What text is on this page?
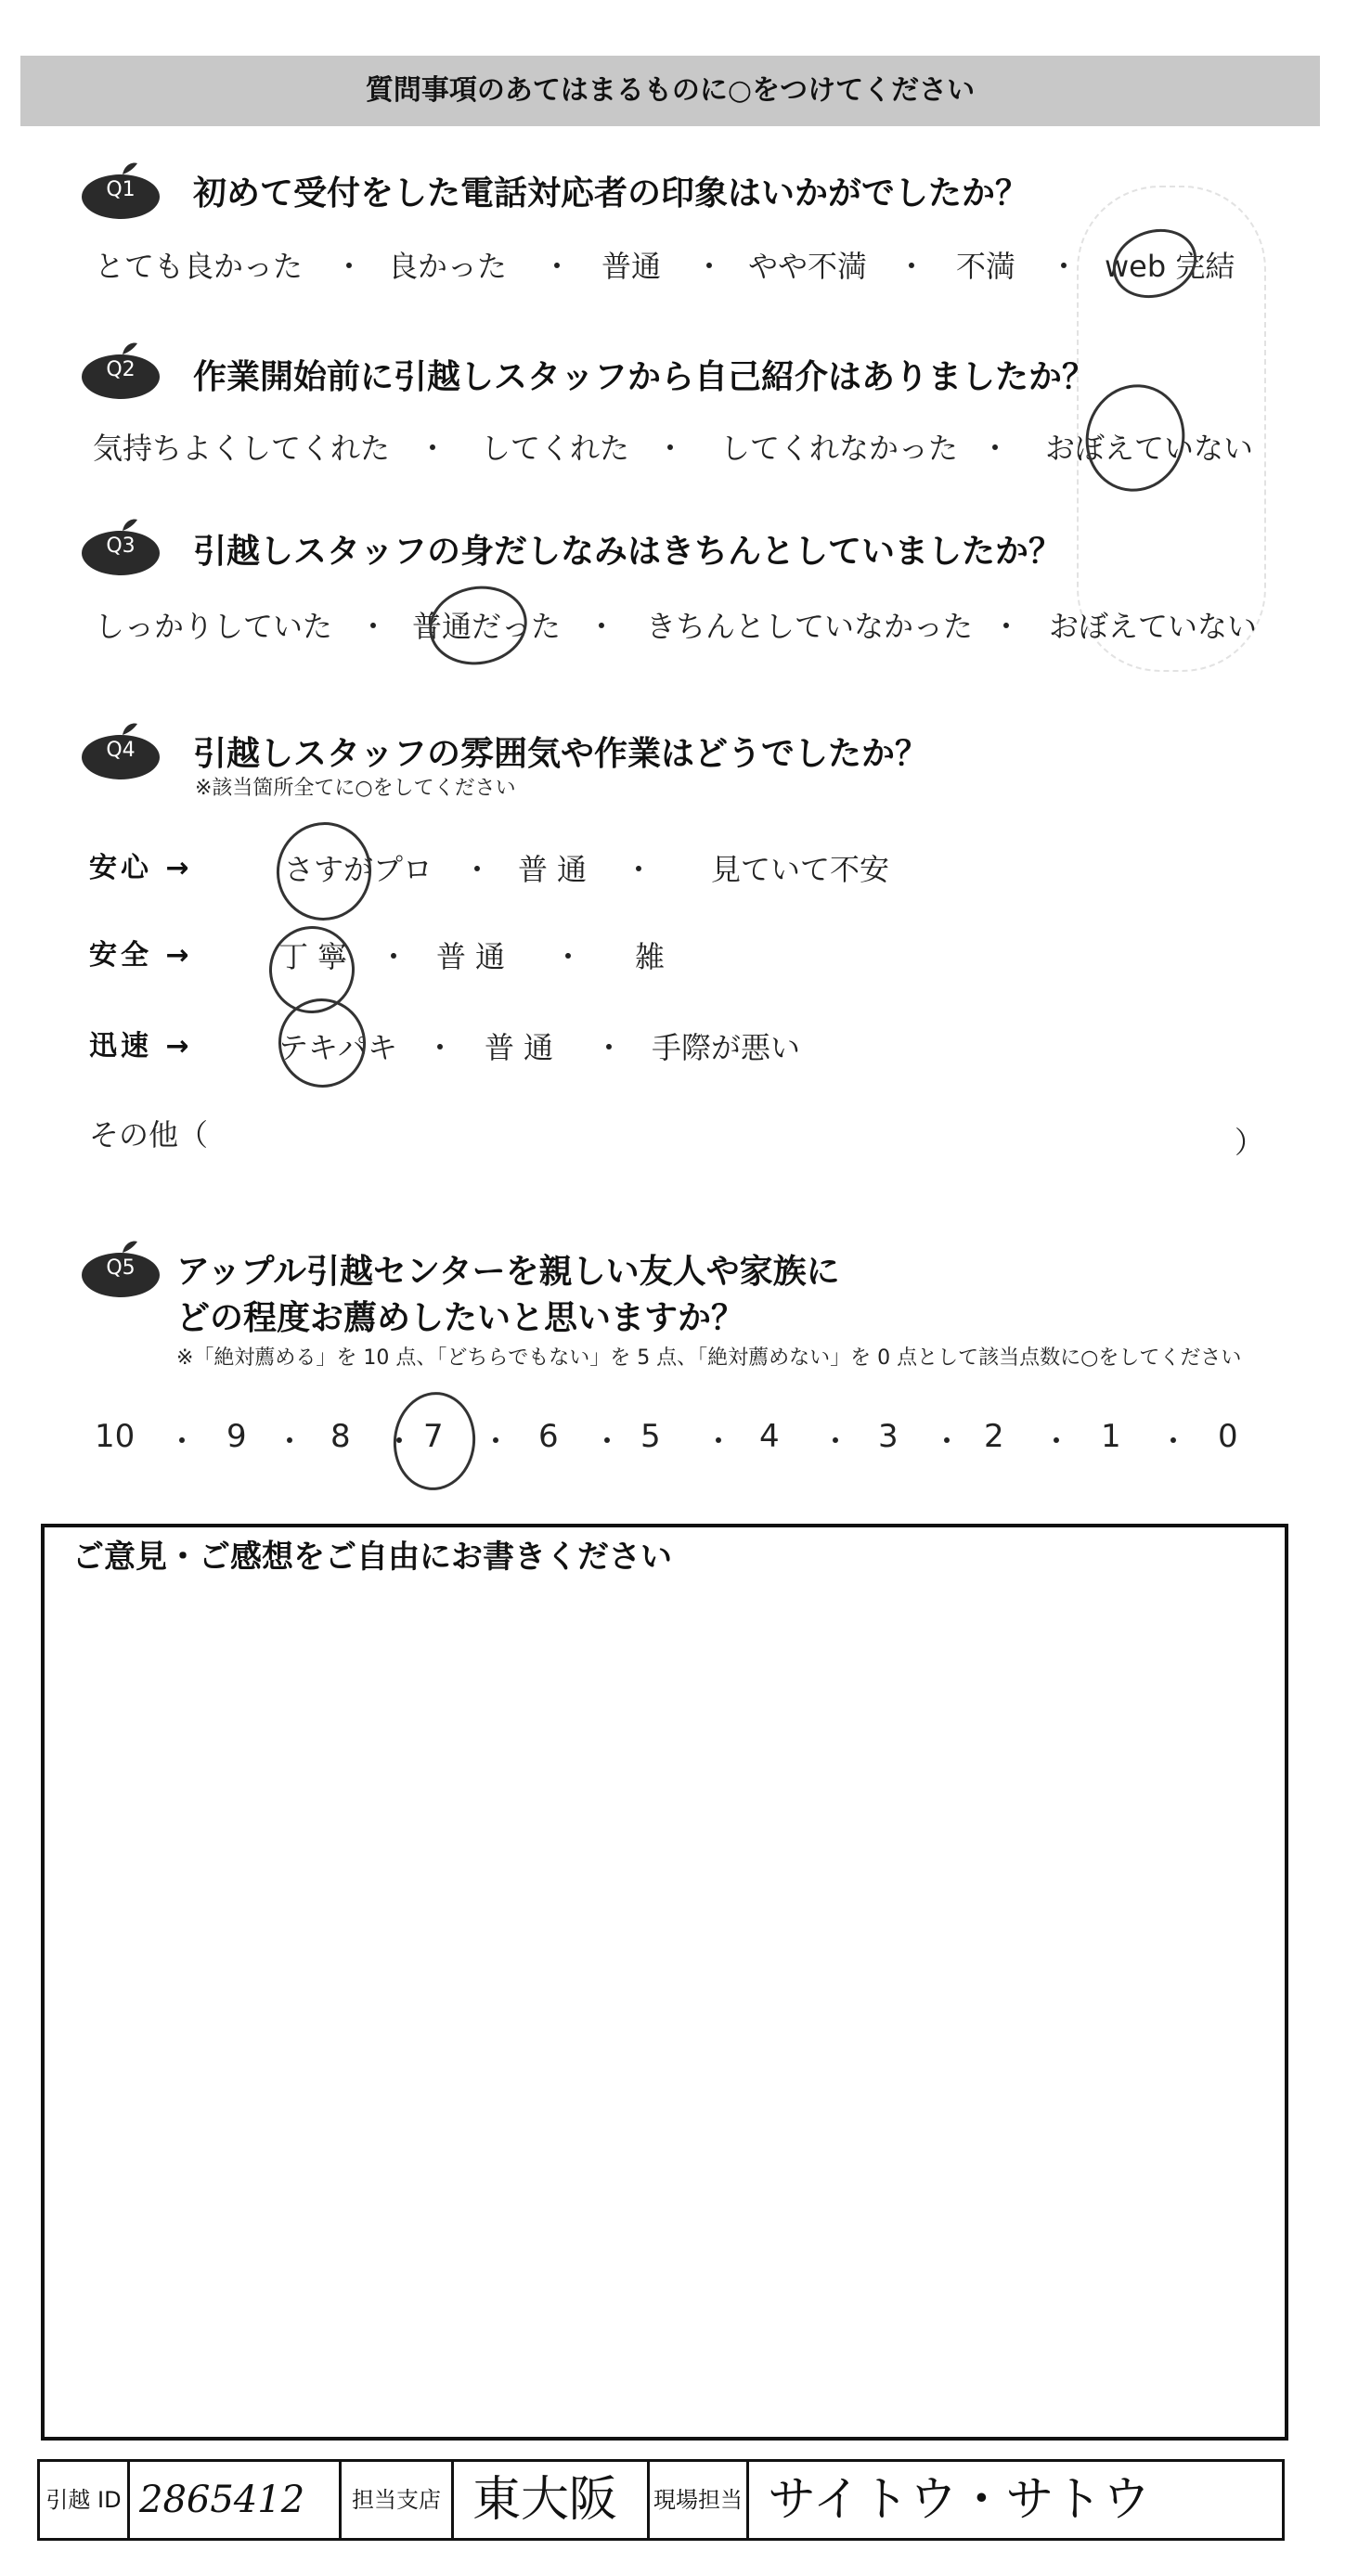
質問事項のあてはまるものに○をつけてください
Q1	初めて受付をした電話対応者の印象はいかがでしたか？
とても良かった ・ 良かった ・ 普通 ・ やや不満 ・ 不満 ・ web 完結
Q2	作業開始前に引越しスタッフから自己紹介はありましたか？
気持ちよくしてくれた ・ してくれた ・ してくれなかった ・ おぼえていない
Q3	引越しスタッフの身だしなみはきちんとしていましたか？
しっかりしていた ・ 普通だった ・ きちんとしていなかった ・ おぼえていない
Q4	引越しスタッフの雰囲気や作業はどうでしたか？
※該当箇所全てに○をしてください
安心 →	さすがプロ ・ 普通 ・ 見ていて不安
安全 →	丁寧 ・ 普通 ・ 雑
迅速 →	テキパキ ・ 普通 ・ 手際が悪い
その他（	）
Q5	アップル引越センターを親しい友人や家族に
どの程度お薦めしたいと思いますか？
※「絶対薦める」を 10 点、「どちらでもない」を 5 点、「絶対薦めない」を 0 点として該当点数に○をしてください
10 ・ 9 ・ 8 ・ 7 ・ 6 ・ 5 ・ 4 ・ 3 ・ 2 ・ 1 ・ 0
ご意見・ご感想をご自由にお書きください
引越 ID 2865412	担当支店 東大阪	現場担当 サイトウ・サトウ
